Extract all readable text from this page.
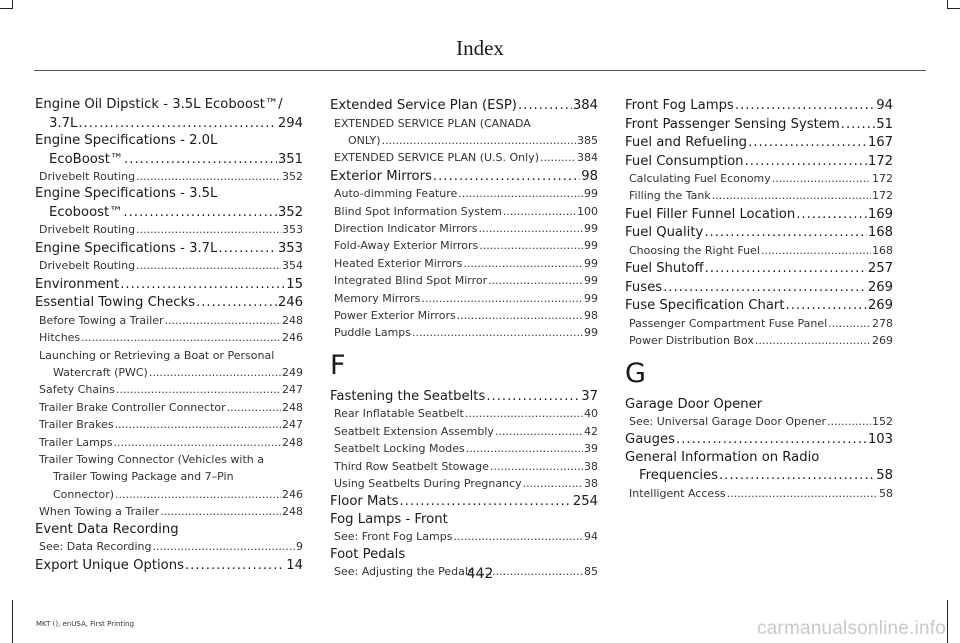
Index
Engine Oil Dipstick - 3.5L Ecoboost™/
3.7L .....	294
Engine Specifications - 2.0L
EcoBoost™ .....	351
Drivebelt Routing .....	352
Engine Specifications - 3.5L
Ecoboost™ .....	352
Drivebelt Routing .....	353
Engine Specifications - 3.7L .....	353
Drivebelt Routing .....	354
Environment .....	15
Essential Towing Checks .....	246
Before Towing a Trailer .....	248
Hitches .....	246
Launching or Retrieving a Boat or Personal
Watercraft (PWC) .....	249
Safety Chains .....	247
Trailer Brake Controller Connector .....	248
Trailer Brakes .....	247
Trailer Lamps .....	248
Trailer Towing Connector (Vehicles with a
Trailer Towing Package and 7–Pin
Connector) .....	246
When Towing a Trailer .....	248
Event Data Recording
See: Data Recording .....	9
Export Unique Options .....	14
Extended Service Plan (ESP) .....	384
EXTENDED SERVICE PLAN (CANADA
ONLY) .....	385
EXTENDED SERVICE PLAN (U.S. Only) .....	384
Exterior Mirrors .....	98
Auto-dimming Feature .....	99
Blind Spot Information System .....	100
Direction Indicator Mirrors .....	99
Fold-Away Exterior Mirrors .....	99
Heated Exterior Mirrors .....	99
Integrated Blind Spot Mirror .....	99
Memory Mirrors .....	99
Power Exterior Mirrors .....	98
Puddle Lamps .....	99
F
Fastening the Seatbelts .....	37
Rear Inflatable Seatbelt .....	40
Seatbelt Extension Assembly .....	42
Seatbelt Locking Modes .....	39
Third Row Seatbelt Stowage .....	38
Using Seatbelts During Pregnancy .....	38
Floor Mats .....	254
Fog Lamps - Front
See: Front Fog Lamps .....	94
Foot Pedals
See: Adjusting the Pedals .....	85
Front Fog Lamps .....	94
Front Passenger Sensing System .....	51
Fuel and Refueling .....	167
Fuel Consumption .....	172
Calculating Fuel Economy .....	172
Filling the Tank .....	172
Fuel Filler Funnel Location .....	169
Fuel Quality .....	168
Choosing the Right Fuel .....	168
Fuel Shutoff .....	257
Fuses .....	269
Fuse Specification Chart .....	269
Passenger Compartment Fuse Panel .....	278
Power Distribution Box .....	269
G
Garage Door Opener
See: Universal Garage Door Opener .....	152
Gauges .....	103
General Information on Radio
Frequencies .....	58
Intelligent Access .....	58
442
MKT (), enUSA, First Printing	carmanualsonline.info
